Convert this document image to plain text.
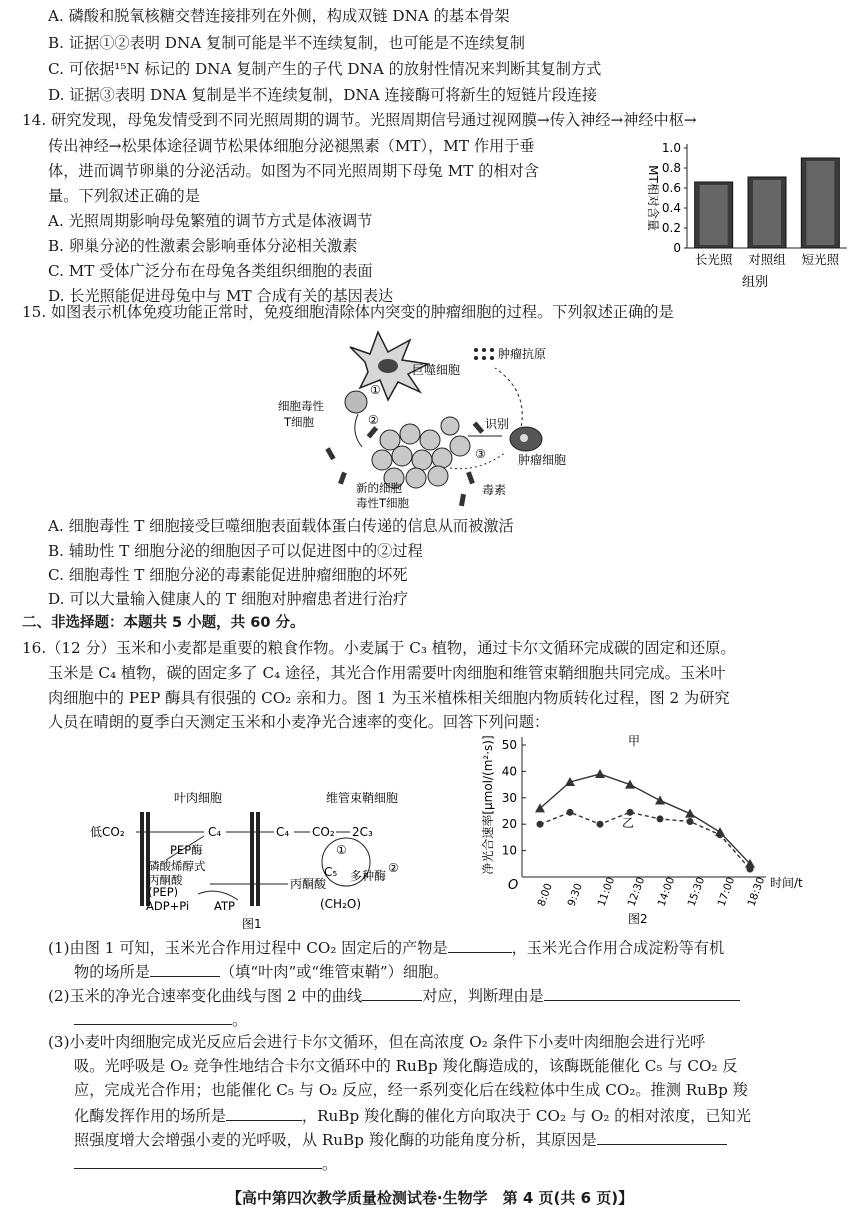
A. 磷酸和脱氧核糖交替连接排列在外侧，构成双链 DNA 的基本骨架
B. 证据①②表明 DNA 复制可能是半不连续复制，也可能是不连续复制
C. 可依据¹⁵N 标记的 DNA 复制产生的子代 DNA 的放射性情况来判断其复制方式
D. 证据③表明 DNA 复制是半不连续复制，DNA 连接酶可将新生的短链片段连接
14. 研究发现，母兔发情受到不同光照周期的调节。光照周期信号通过视网膜→传入神经→神经中枢→
传出神经→松果体途径调节松果体细胞分泌褪黑素（MT），MT 作用于垂
体，进而调节卵巢的分泌活动。如图为不同光照周期下母兔 MT 的相对含
量。下列叙述正确的是
A. 光照周期影响母兔繁殖的调节方式是体液调节
B. 卵巢分泌的性激素会影响垂体分泌相关激素
C. MT 受体广泛分布在母兔各类组织细胞的表面
D. 长光照能促进母兔中与 MT 合成有关的基因表达
MT相对含量
0
0.2
0.4
0.6
0.8
1.0
长光照 对照组 短光照
组别
15. 如图表示机体免疫功能正常时，免疫细胞清除体内突变的肿瘤细胞的过程。下列叙述正确的是
巨噬细胞
肿瘤抗原
①
细胞毒性
T细胞	②	识别
肿瘤细胞
③
新的细胞
毒性T细胞
毒素
A. 细胞毒性 T 细胞接受巨噬细胞表面载体蛋白传递的信息从而被激活
B. 辅助性 T 细胞分泌的细胞因子可以促进图中的②过程
C. 细胞毒性 T 细胞分泌的毒素能促进肿瘤细胞的坏死
D. 可以大量输入健康人的 T 细胞对肿瘤患者进行治疗
二、非选择题：本题共 5 小题，共 60 分。
16.（12 分）玉米和小麦都是重要的粮食作物。小麦属于 C₃ 植物，通过卡尔文循环完成碳的固定和还原。
玉米是 C₄ 植物，碳的固定多了 C₄ 途径，其光合作用需要叶肉细胞和维管束鞘细胞共同完成。玉米叶
肉细胞中的 PEP 酶具有很强的 CO₂ 亲和力。图 1 为玉米植株相关细胞内物质转化过程，图 2 为研究
人员在晴朗的夏季白天测定玉米和小麦净光合速率的变化。回答下列问题：
叶肉细胞	维管束鞘细胞
低CO₂	C₄	C₄ CO₂ 2C₃
PEP酶
磷酸烯醇式
丙酮酸
(PEP)
ADP+Pi ATP
丙酮酸
C₅ 多种酶
①
②
(CH₂O)
图1
净光合速率[μmol/(m²·s)] 10
20
30
40
50
8:00 9:30 11:00 12:30 14:00 15:30 17:00 18:30
O	时间/t
甲
乙
图2
(1)由图 1 可知，玉米光合作用过程中 CO₂ 固定后的产物是	，玉米光合作用合成淀粉等有机
物的场所是	（填“叶肉”或“维管束鞘”）细胞。
(2)玉米的净光合速率变化曲线与图 2 中的曲线	对应，判断理由是
。
(3)小麦叶肉细胞完成光反应后会进行卡尔文循环，但在高浓度 O₂ 条件下小麦叶肉细胞会进行光呼
吸。光呼吸是 O₂ 竞争性地结合卡尔文循环中的 RuBp 羧化酶造成的，该酶既能催化 C₅ 与 CO₂ 反
应，完成光合作用；也能催化 C₅ 与 O₂ 反应，经一系列变化后在线粒体中生成 CO₂。推测 RuBp 羧
化酶发挥作用的场所是	，RuBp 羧化酶的催化方向取决于 CO₂ 与 O₂ 的相对浓度，已知光
照强度增大会增强小麦的光呼吸，从 RuBp 羧化酶的功能角度分析，其原因是
。
【高中第四次教学质量检测试卷·生物学　第 4 页(共 6 页)】
